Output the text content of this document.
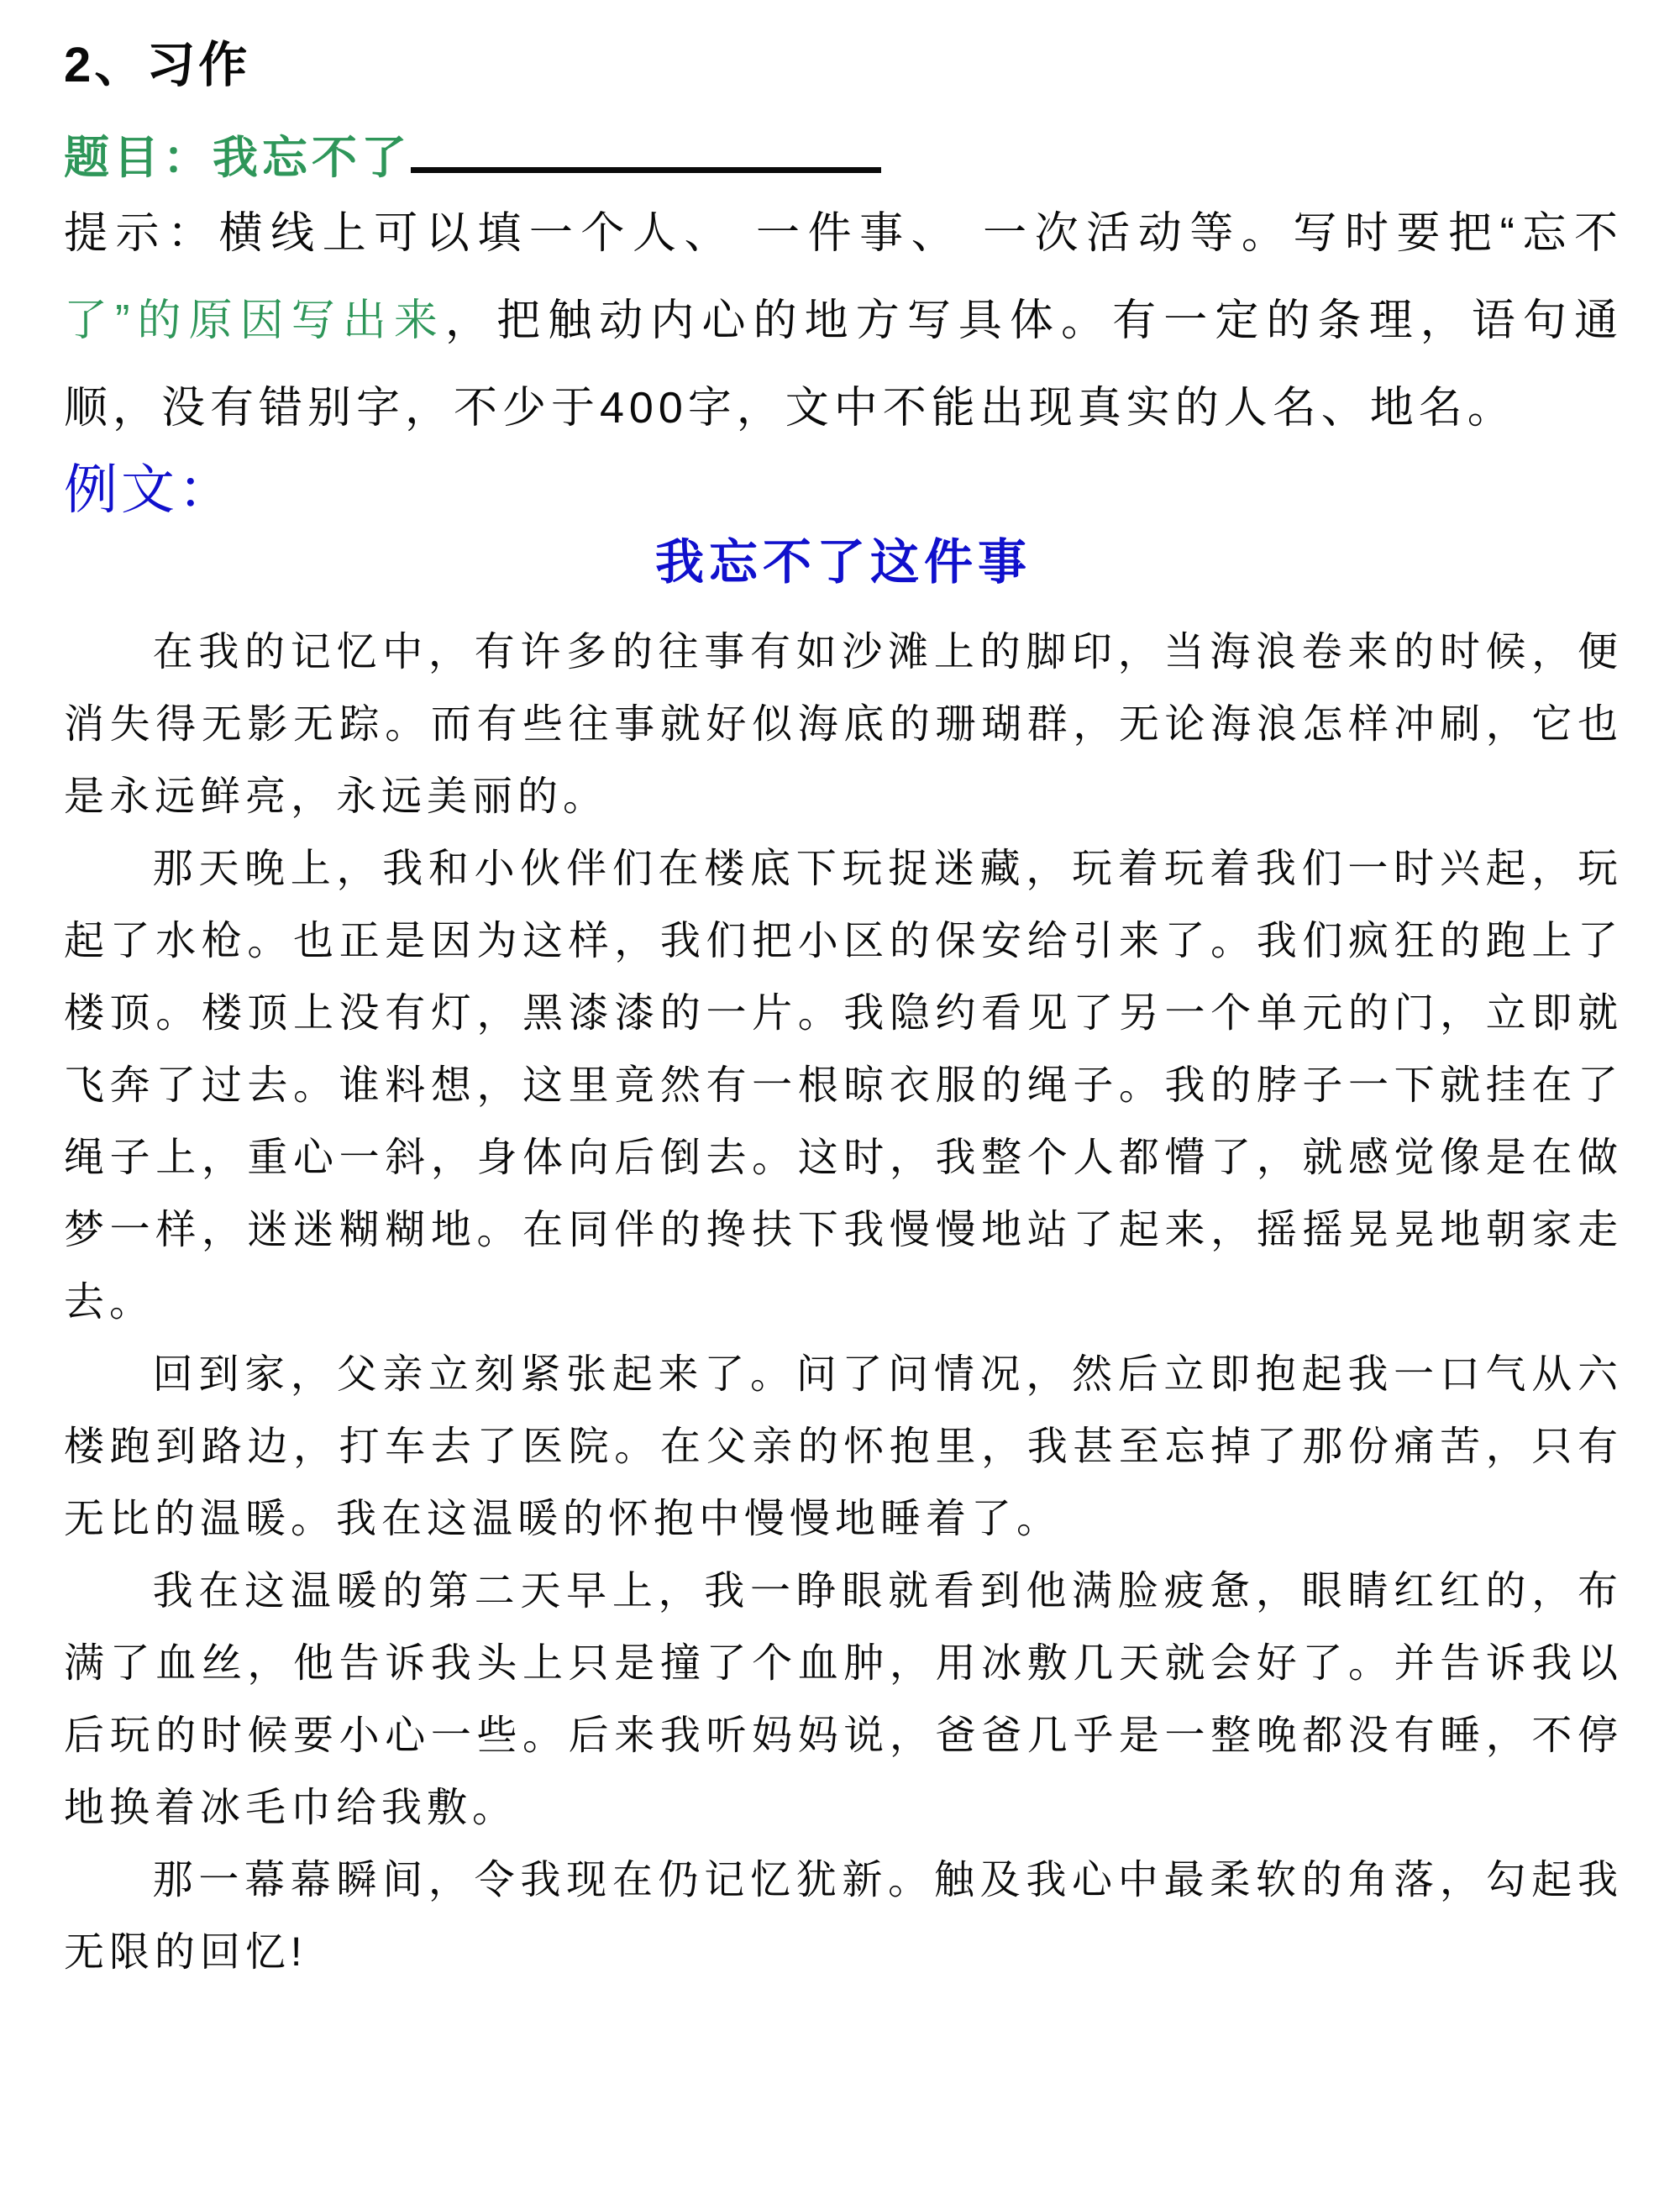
2、习作
题目：我忘不了

提示：横线上可以填一个人、 一件事、 一次活动等。写时要把“忘不了”的原因写出来，把触动内心的地方写具体。有一定的条理，语句通顺，没有错别字，不少于400字，文中不能出现真实的人名、地名。

例文：
我忘不了这件事

在我的记忆中，有许多的往事有如沙滩上的脚印，当海浪卷来的时候，便消失得无影无踪。而有些往事就好似海底的珊瑚群，无论海浪怎样冲刷，它也是永远鲜亮，永远美丽的。

那天晚上，我和小伙伴们在楼底下玩捉迷藏，玩着玩着我们一时兴起，玩起了水枪。也正是因为这样，我们把小区的保安给引来了。我们疯狂的跑上了楼顶。楼顶上没有灯，黑漆漆的一片。我隐约看见了另一个单元的门，立即就飞奔了过去。谁料想，这里竟然有一根晾衣服的绳子。我的脖子一下就挂在了绳子上，重心一斜，身体向后倒去。这时，我整个人都懵了，就感觉像是在做梦一样，迷迷糊糊地。在同伴的搀扶下我慢慢地站了起来，摇摇晃晃地朝家走去。

回到家，父亲立刻紧张起来了。问了问情况，然后立即抱起我一口气从六楼跑到路边，打车去了医院。在父亲的怀抱里，我甚至忘掉了那份痛苦，只有无比的温暖。我在这温暖的怀抱中慢慢地睡着了。

我在这温暖的第二天早上，我一睁眼就看到他满脸疲惫，眼睛红红的，布满了血丝，他告诉我头上只是撞了个血肿，用冰敷几天就会好了。并告诉我以后玩的时候要小心一些。后来我听妈妈说，爸爸几乎是一整晚都没有睡，不停地换着冰毛巾给我敷。

那一幕幕瞬间，令我现在仍记忆犹新。触及我心中最柔软的角落，勾起我无限的回忆!
